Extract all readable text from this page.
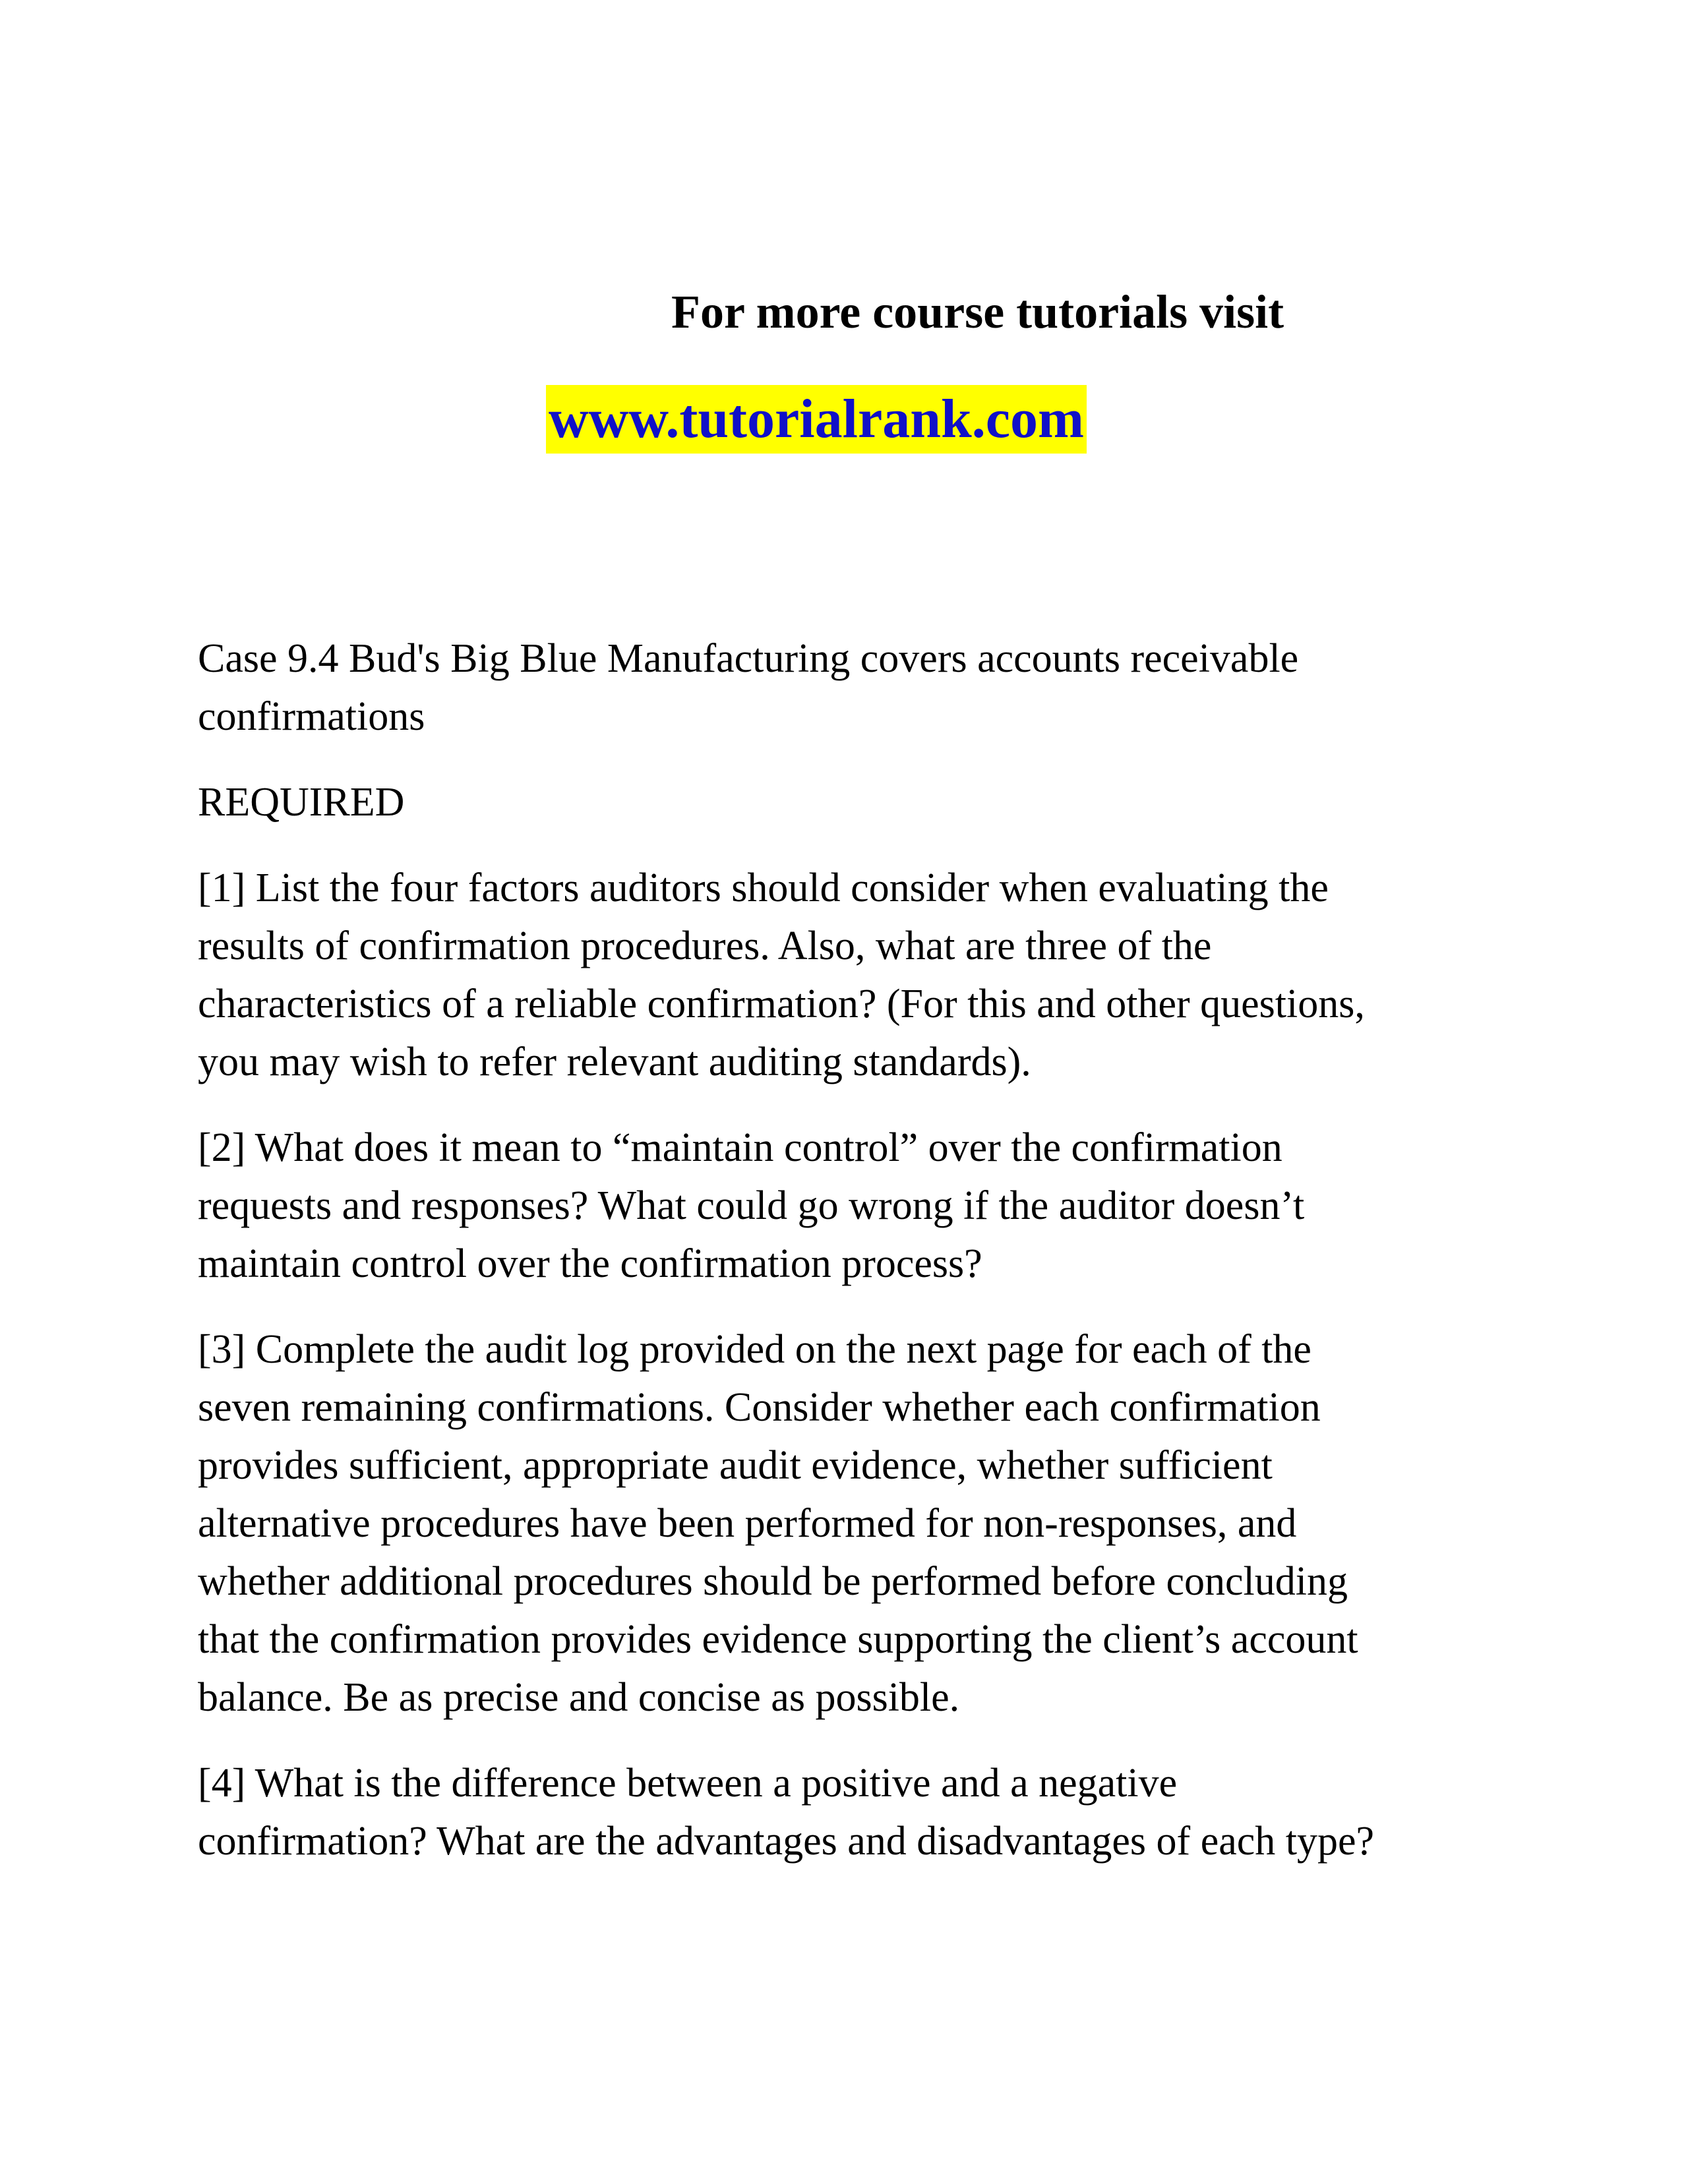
For more course tutorials visit
www.tutorialrank.com

Case 9.4 Bud's Big Blue Manufacturing covers accounts receivable
confirmations

REQUIRED

[1] List the four factors auditors should consider when evaluating the
results of confirmation procedures. Also, what are three of the
characteristics of a reliable confirmation? (For this and other questions,
you may wish to refer relevant auditing standards).

[2] What does it mean to “maintain control” over the confirmation
requests and responses? What could go wrong if the auditor doesn’t
maintain control over the confirmation process?

[3] Complete the audit log provided on the next page for each of the
seven remaining confirmations. Consider whether each confirmation
provides sufficient, appropriate audit evidence, whether sufficient
alternative procedures have been performed for non-responses, and
whether additional procedures should be performed before concluding
that the confirmation provides evidence supporting the client’s account
balance. Be as precise and concise as possible.

[4] What is the difference between a positive and a negative
confirmation? What are the advantages and disadvantages of each type?
